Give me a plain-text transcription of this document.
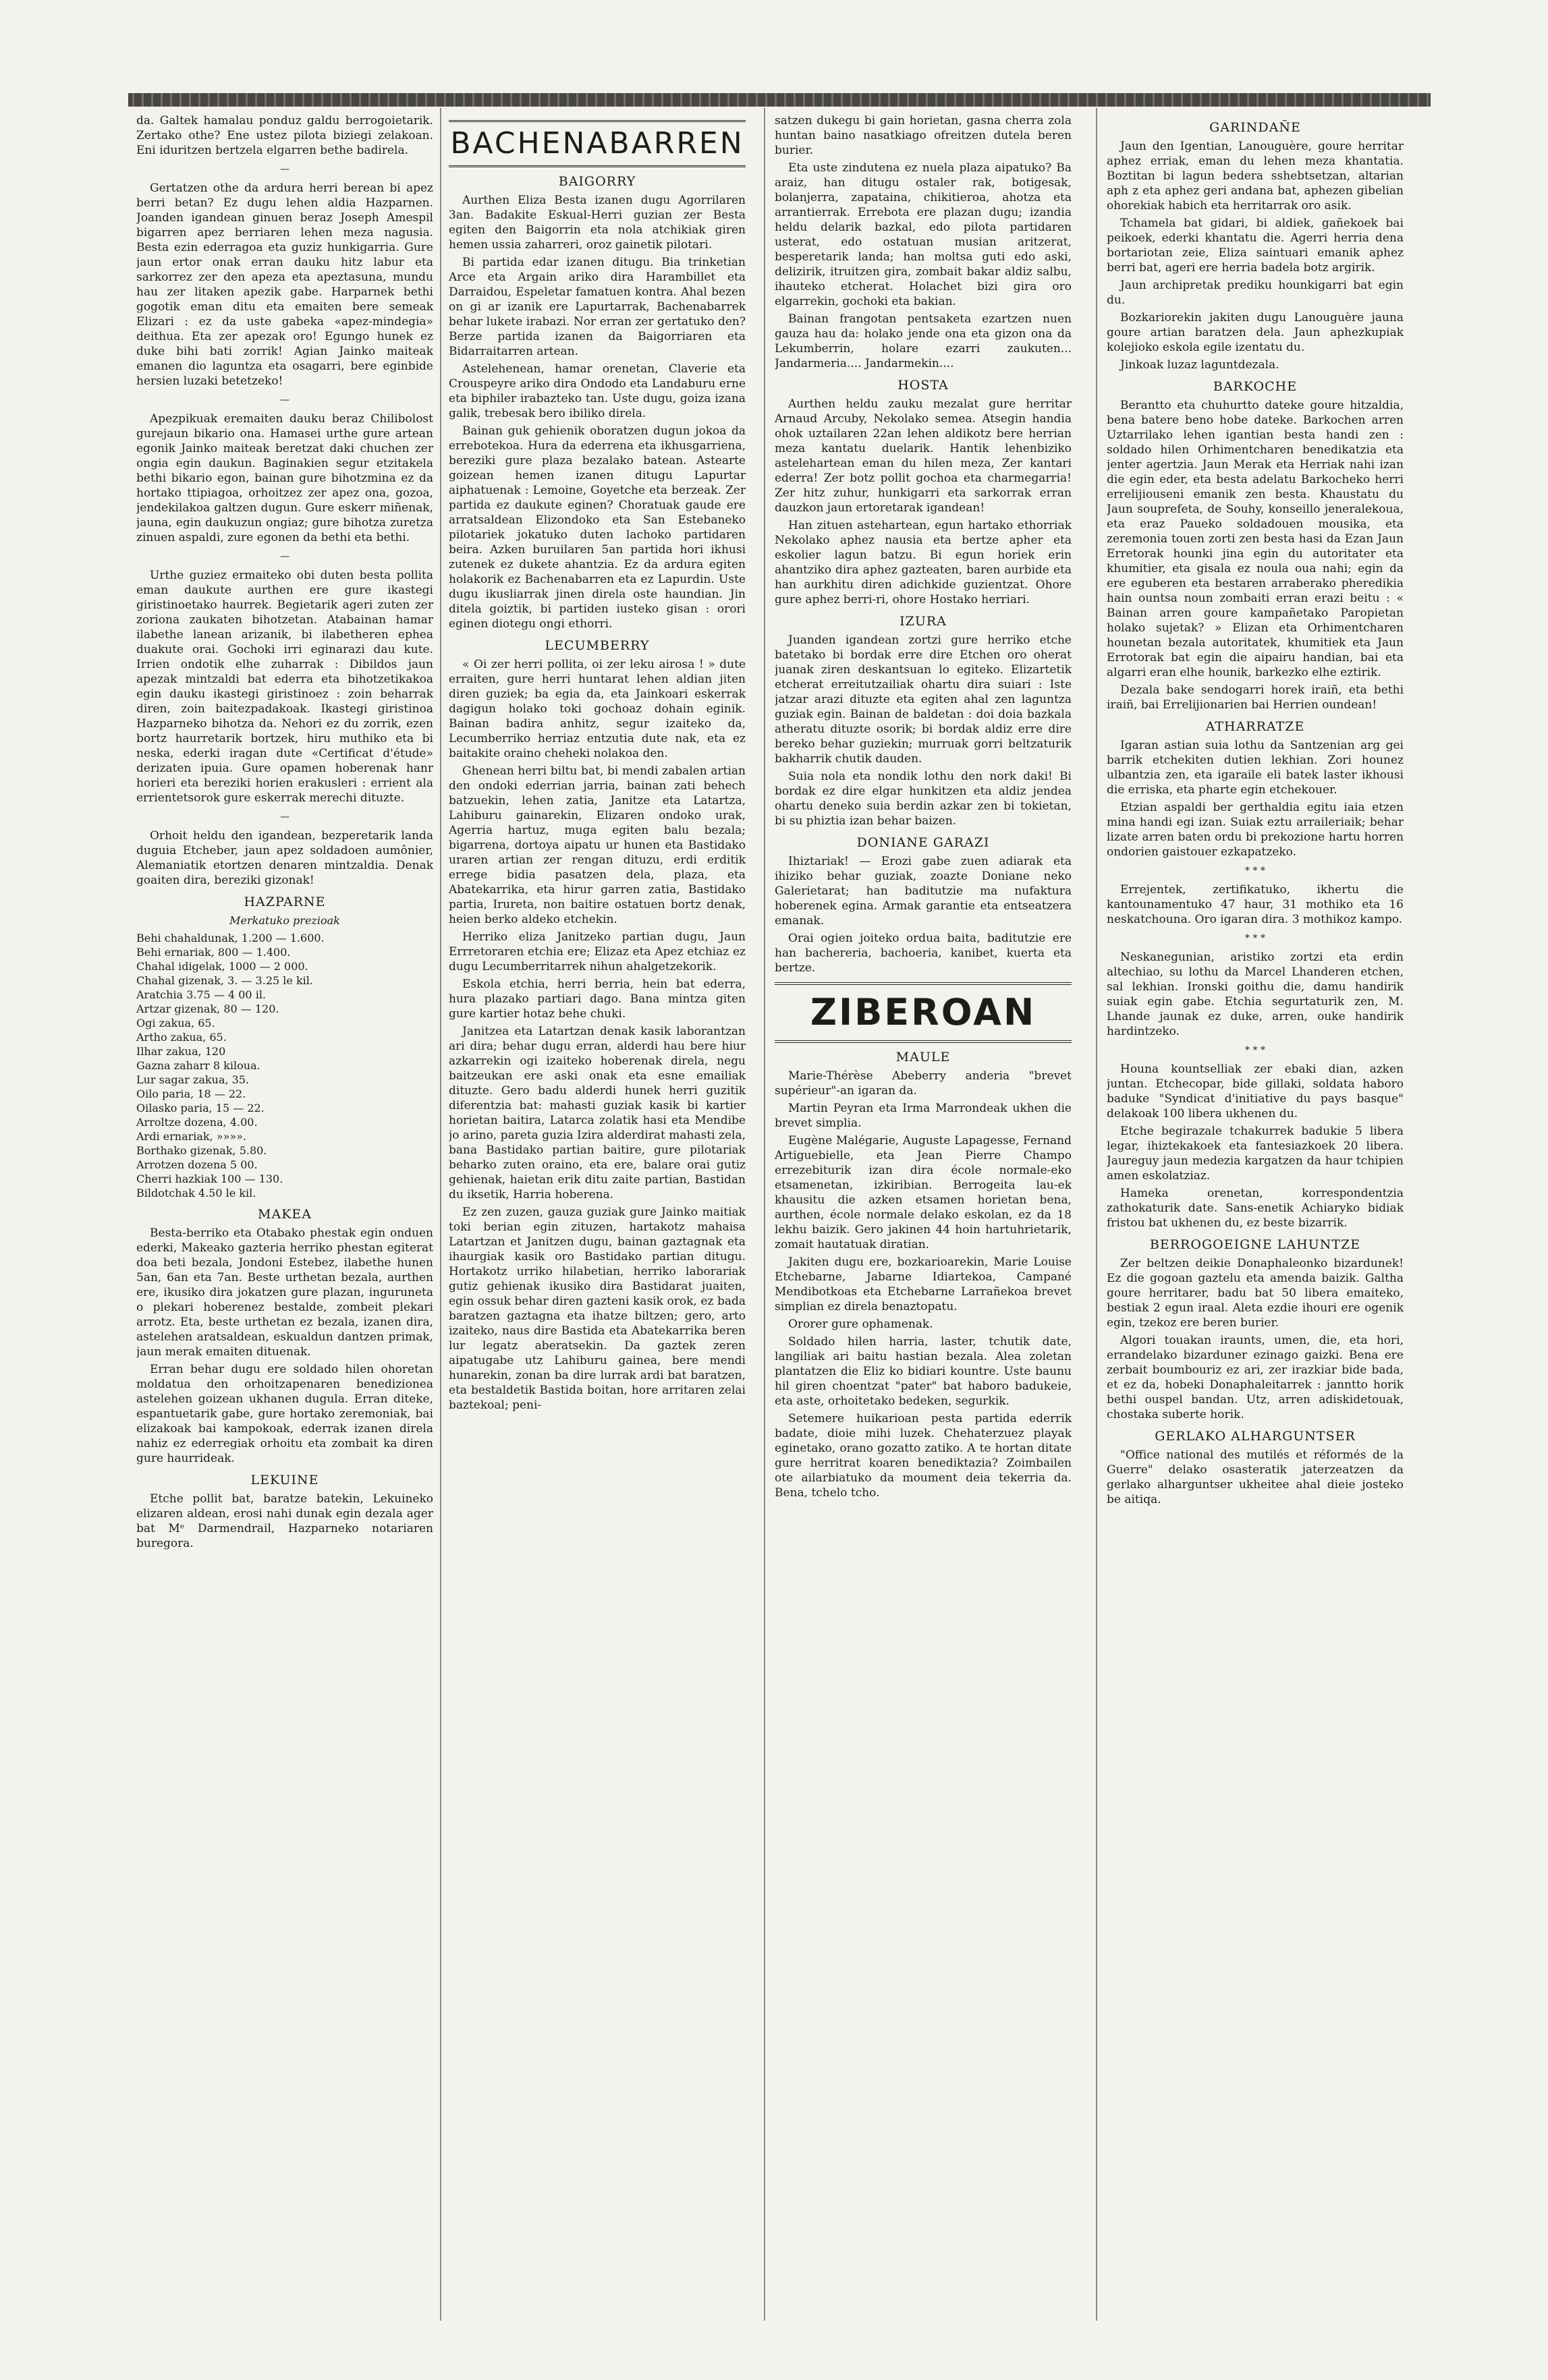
da. Galtek hamalau ponduz galdu berrogoietarik. Zertako othe? Ene ustez pilota biziegi zelakoan. Eni iduritzen bertzela elgarren bethe badirela.

—

Gertatzen othe da ardura herri berean bi apez berri betan? Ez dugu lehen aldia Hazparnen. Joanden igandean ginuen beraz Joseph Amespil bigarren apez berriaren lehen meza nagusia. Besta ezin ederragoa eta guziz hunkigarria. Gure jaun ertor onak erran dauku hitz labur eta sarkorrez zer den apeza eta apeztasuna, mundu hau zer litaken apezik gabe. Harparnek bethi gogotik eman ditu eta emaiten bere semeak Elizari : ez da uste gabeka «apez-mindegia» deithua. Eta zer apezak oro! Egungo hunek ez duke bihi bati zorrik! Agian Jainko maiteak emanen dio laguntza eta osagarri, bere eginbide hersien luzaki betetzeko!

—

Apezpikuak eremaiten dauku beraz Chilibolost gurejaun bikario ona. Hamasei urthe gure artean egonik Jainko maiteak beretzat daki chuchen zer ongia egin daukun. Baginakien segur etzitakela bethi bikario egon, bainan gure bihotzmina ez da hortako ttipiagoa, orhoitzez zer apez ona, gozoa, jendekilakoa galtzen dugun. Gure eskerr miñenak, jauna, egin daukuzun ongiaz; gure bihotza zuretza zinuen aspaldi, zure egonen da bethi eta bethi.

—

Urthe guziez ermaiteko obi duten besta pollita eman daukute aurthen ere gure ikastegi giristinoetako haurrek. Begietarik ageri zuten zer zoriona zaukaten bihotzetan. Atabainan hamar ilabethe lanean arizanik, bi ilabetheren ephea duakute orai. Gochoki irri eginarazi dau kute. Irrien ondotik elhe zuharrak : Dibildos jaun apezak mintzaldi bat ederra eta bihotzetikakoa egin dauku ikastegi giristinoez : zoin beharrak diren, zoin baitezpadakoak. Ikastegi giristinoa Hazparneko bihotza da. Nehori ez du zorrik, ezen bortz haurretarik bortzek, hiru muthiko eta bi neska, ederki iragan dute «Certificat d'étude» derizaten ipuia. Gure opamen hoberenak hanr horieri eta bereziki horien erakusleri : errient ala errientetsorok gure eskerrak merechi dituzte.

—

Orhoit heldu den igandean, bezperetarik landa duguia Etcheber, jaun apez soldadoen aumônier, Alemaniatik etortzen denaren mintzaldia. Denak goaiten dira, bereziki gizonak!

HAZPARNE
Merkatuko prezioak
Behi chahaldunak, 1.200 — 1.600.
Behi ernariak, 800 — 1.400.
Chahal idigelak, 1000 — 2 000.
Chahal gizenak, 3. — 3.25 le kil.
Aratchia 3.75 — 4 00 il.
Artzar gizenak, 80 — 120.
Ogi zakua, 65.
Artho zakua, 65.
Ilhar zakua, 120
Gazna zaharr 8 kiloua.
Lur sagar zakua, 35.
Oilo paria, 18 — 22.
Oilasko paria, 15 — 22.
Arroltze dozena, 4.00.
Ardi ernariak, »»»».
Borthako gizenak, 5.80.
Arrotzen dozena 5 00.
Cherri hazkiak 100 — 130.
Bildotchak 4.50 le kil.
MAKEA

Besta-berriko eta Otabako phestak egin onduen ederki, Makeako gazteria herriko phestan egiterat doa beti bezala, Jondoni Estebez, ilabethe hunen 5an, 6an eta 7an. Beste urthetan bezala, aurthen ere, ikusiko dira jokatzen gure plazan, inguruneta o plekari hoberenez bestalde, zombeit plekari arrotz. Eta, beste urthetan ez bezala, izanen dira, astelehen aratsaldean, eskualdun dantzen primak, jaun merak emaiten dituenak.

Erran behar dugu ere soldado hilen ohoretan moldatua den orhoitzapenaren benedizionea astelehen goizean ukhanen dugula. Erran diteke, espantuetarik gabe, gure hortako zeremoniak, bai elizakoak bai kampokoak, ederrak izanen direla nahiz ez ederregiak orhoitu eta zombait ka diren gure haurrideak.

LEKUINE

Etche pollit bat, baratze batekin, Lekuineko elizaren aldean, erosi nahi dunak egin dezala ager bat Mᵉ Darmendrail, Hazparneko notariaren buregora.

BACHENABARREN
BAIGORRY

Aurthen Eliza Besta izanen dugu Agorrilaren 3an. Badakite Eskual-Herri guzian zer Besta egiten den Baigorrin eta nola atchikiak giren hemen ussia zaharreri, oroz gainetik pilotari.

Bi partida edar izanen ditugu. Bia trinketian Arce eta Argain ariko dira Harambillet eta Darraidou, Espeletar famatuen kontra. Ahal bezen on gi ar izanik ere Lapurtarrak, Bachenabarrek behar lukete irabazi. Nor erran zer gertatuko den? Berze partida izanen da Baigorriaren eta Bidarraitarren artean.

Astelehenean, hamar orenetan, Claverie eta Crouspeyre ariko dira Ondodo eta Landaburu erne eta biphiler irabazteko tan. Uste dugu, goiza izana galik, trebesak bero ibiliko direla.

Bainan guk gehienik oboratzen dugun jokoa da errebotekoa. Hura da ederrena eta ikhusgarriena, bereziki gure plaza bezalako batean. Astearte goizean hemen izanen ditugu Lapurtar aiphatuenak : Lemoine, Goyetche eta berzeak. Zer partida ez daukute eginen? Choratuak gaude ere arratsaldean Elizondoko eta San Estebaneko pilotariek jokatuko duten lachoko partidaren beira. Azken buruilaren 5an partida hori ikhusi zutenek ez dukete ahantzia. Ez da ardura egiten holakorik ez Bachenabarren eta ez Lapurdin. Uste dugu ikusliarrak jinen direla oste haundian. Jin ditela goiztik, bi partiden iusteko gisan : orori eginen diotegu ongi ethorri.

LECUMBERRY

« Oi zer herri pollita, oi zer leku airosa ! » dute erraiten, gure herri huntarat lehen aldian jiten diren guziek; ba egia da, eta Jainkoari eskerrak dagigun holako toki gochoaz dohain eginik. Bainan badira anhitz, segur izaiteko da, Lecumberriko herriaz entzutia dute nak, eta ez baitakite oraino cheheki nolakoa den.

Ghenean herri biltu bat, bi mendi zabalen artian den ondoki ederrian jarria, bainan zati behech batzuekin, lehen zatia, Janitze eta Latartza, Lahiburu gainarekin, Elizaren ondoko urak, Agerria hartuz, muga egiten balu bezala; bigarrena, dortoya aipatu ur hunen eta Bastidako uraren artian zer rengan dituzu, erdi erditik errege bidia pasatzen dela, plaza, eta Abatekarrika, eta hirur garren zatia, Bastidako partia, Irureta, non baitire ostatuen bortz denak, heien berko aldeko etchekin.

Herriko eliza Janitzeko partian dugu, Jaun Errretoraren etchia ere; Elizaz eta Apez etchiaz ez dugu Lecumberritarrek nihun ahalgetzekorik.

Eskola etchia, herri berria, hein bat ederra, hura plazako partiari dago. Bana mintza giten gure kartier hotaz behe chuki.

Janitzea eta Latartzan denak kasik laborantzan ari dira; behar dugu erran, alderdi hau bere hiur azkarrekin ogi izaiteko hoberenak direla, negu baitzeukan ere aski onak eta esne emailiak dituzte. Gero badu alderdi hunek herri guzitik diferentzia bat: mahasti guziak kasik bi kartier horietan baitira, Latarca zolatik hasi eta Mendibe jo arino, pareta guzia Izira alderdirat mahasti zela, bana Bastidako partian baitire, gure pilotariak beharko zuten oraino, eta ere, balare orai gutiz gehienak, haietan erik ditu zaite partian, Bastidan du iksetik, Harria hoberena.

Ez zen zuzen, gauza guziak gure Jainko maitiak toki berian egin zituzen, hartakotz mahaisa Latartzan et Janitzen dugu, bainan gaztagnak eta ihaurgiak kasik oro Bastidako partian ditugu. Hortakotz urriko hilabetian, herriko laborariak gutiz gehienak ikusiko dira Bastidarat juaiten, egin ossuk behar diren gazteni kasik orok, ez bada baratzen gaztagna eta ihatze biltzen; gero, arto izaiteko, naus dire Bastida eta Abatekarrika beren lur legatz aberatsekin. Da gaztek zeren aipatugabe utz Lahiburu gainea, bere mendi hunarekin, zonan ba dire lurrak ardi bat baratzen, eta bestaldetik Bastida boitan, hore arritaren zelai baztekoal; peni-

satzen dukegu bi gain horietan, gasna cherra zola huntan baino nasatkiago ofreitzen dutela beren burier.

Eta uste zindutena ez nuela plaza aipatuko? Ba araiz, han ditugu ostaler rak, botigesak, bolanjerra, zapataina, chikitieroa, ahotza eta arrantierrak. Errebota ere plazan dugu; izandia heldu delarik bazkal, edo pilota partidaren usterat, edo ostatuan musian aritzerat, besperetarik landa; han moltsa guti edo aski, delizirik, itruitzen gira, zombait bakar aldiz salbu, ihauteko etcherat. Holachet bizi gira oro elgarrekin, gochoki eta bakian.

Bainan frangotan pentsaketa ezartzen nuen gauza hau da: holako jende ona eta gizon ona da Lekumberrin, holare ezarri zaukuten... Jandarmeria.... Jandarmekin....

HOSTA

Aurthen heldu zauku mezalat gure herritar Arnaud Arcuby, Nekolako semea. Atsegin handia ohok uztailaren 22an lehen aldikotz bere herrian meza kantatu duelarik. Hantik lehenbiziko astelehartean eman du hilen meza, Zer kantari ederra! Zer botz pollit gochoa eta charmegarria! Zer hitz zuhur, hunkigarri eta sarkorrak erran dauzkon jaun ertoretarak igandean!

Han zituen astehartean, egun hartako ethorriak Nekolako aphez nausia eta bertze apher eta eskolier lagun batzu. Bi egun horiek erin ahantziko dira aphez gazteaten, baren aurbide eta han aurkhitu diren adichkide guzientzat. Ohore gure aphez berri-ri, ohore Hostako herriari.

IZURA

Juanden igandean zortzi gure herriko etche batetako bi bordak erre dire Etchen oro oherat juanak ziren deskantsuan lo egiteko. Elizartetik etcherat erreitutzailiak ohartu dira suiari : Iste jatzar arazi dituzte eta egiten ahal zen laguntza guziak egin. Bainan de baldetan : doi doia bazkala atheratu dituzte osorik; bi bordak aldiz erre dire bereko behar guziekin; murruak gorri beltzaturik bakharrik chutik dauden.

Suia nola eta nondik lothu den nork daki! Bi bordak ez dire elgar hunkitzen eta aldiz jendea ohartu deneko suia berdin azkar zen bi tokietan, bi su phiztia izan behar baizen.

DONIANE GARAZI

Ihiztariak! — Erozi gabe zuen adiarak eta ihiziko behar guziak, zoazte Doniane neko Galerietarat; han baditutzie ma nufaktura hoberenek egina. Armak garantie eta entseatzera emanak.

Orai ogien joiteko ordua baita, baditutzie ere han bachereria, bachoeria, kanibet, kuerta eta bertze.

ZIBEROAN
MAULE

Marie-Thérèse Abeberry anderia "brevet supérieur"-an igaran da.

Martin Peyran eta Irma Marrondeak ukhen die brevet simplia.

Eugène Malégarie, Auguste Lapagesse, Fernand Artiguebielle, eta Jean Pierre Champo errezebiturik izan dira école normale-eko etsamenetan, izkiribian. Berrogeita lau-ek khausitu die azken etsamen horietan bena, aurthen, école normale delako eskolan, ez da 18 lekhu baizik. Gero jakinen 44 hoin hartuhrietarik, zomait hautatuak diratian.

Jakiten dugu ere, bozkarioarekin, Marie Louise Etchebarne, Jabarne Idiartekoa, Campané Mendibotkoas eta Etchebarne Larrañekoa brevet simplian ez direla benaztopatu.

Ororer gure ophamenak.

Soldado hilen harria, laster, tchutik date, langiliak ari baitu hastian bezala. Alea zoletan plantatzen die Eliz ko bidiari kountre. Uste baunu hil giren choentzat "pater" bat haboro badukeie, eta aste, orhoitetako bedeken, segurkik.

Setemere huikarioan pesta partida ederrik badate, dioie mihi luzek. Chehaterzuez playak eginetako, orano gozatto zatiko. A te hortan ditate gure herritrat koaren benediktazia? Zoimbailen ote ailarbiatuko da moument deia tekerria da. Bena, tchelo tcho.

GARINDAÑE

Jaun den Igentian, Lanouguère, goure herritar aphez erriak, eman du lehen meza khantatia. Boztitan bi lagun bedera sshebtsetzan, altarian aph z eta aphez geri andana bat, aphezen gibelian ohorekiak habich eta herritarrak oro asik.

Tchamela bat gidari, bi aldiek, gañekoek bai peikoek, ederki khantatu die. Agerri herria dena bortariotan zeie, Eliza saintuari emanik aphez berri bat, ageri ere herria badela botz argirik.

Jaun archipretak prediku hounkigarri bat egin du.

Bozkariorekin jakiten dugu Lanouguère jauna goure artian baratzen dela. Jaun aphezkupiak kolejioko eskola egile izentatu du.

Jinkoak luzaz laguntdezala.

BARKOCHE

Berantto eta chuhurtto dateke goure hitzaldia, bena batere beno hobe dateke. Barkochen arren Uztarrilako lehen igantian besta handi zen : soldado hilen Orhimentcharen benedikatzia eta jenter agertzia. Jaun Merak eta Herriak nahi izan die egin eder, eta besta adelatu Barkocheko herri errelijiouseni emanik zen besta. Khaustatu du Jaun souprefeta, de Souhy, konseillo jeneralekoua, eta eraz Paueko soldadouen mousika, eta zeremonia touen zorti zen besta hasi da Ezan Jaun Erretorak hounki jina egin du autoritater eta khumitier, eta gisala ez noula oua nahi; egin da ere eguberen eta bestaren arraberako pheredikia hain ountsa noun zombaiti erran erazi beitu : « Bainan arren goure kampañetako Paropietan holako sujetak? » Elizan eta Orhimentcharen hounetan bezala autoritatek, khumitiek eta Jaun Errotorak bat egin die aipairu handian, bai eta algarri eran elhe hounik, barkezko elhe eztirik.

Dezala bake sendogarri horek iraiñ, eta bethi iraiñ, bai Errelijionarien bai Herrien oundean!

ATHARRATZE

Igaran astian suia lothu da Santzenian arg gei barrik etchekiten dutien lekhian. Zori hounez ulbantzia zen, eta igaraile eli batek laster ikhousi die erriska, eta pharte egin etchekouer.

Etzian aspaldi ber gerthaldia egitu iaia etzen mina handi egi izan. Suiak eztu arraileriaik; behar lizate arren baten ordu bi prekozione hartu horren ondorien gaistouer ezkapatzeko.

* * *

Errejentek, zertifikatuko, ikhertu die kantounamentuko 47 haur, 31 mothiko eta 16 neskatchouna. Oro igaran dira. 3 mothikoz kampo.

* * *

Neskanegunian, aristiko zortzi eta erdin altechiao, su lothu da Marcel Lhanderen etchen, sal lekhian. Ironski goithu die, damu handirik suiak egin gabe. Etchia segurtaturik zen, M. Lhande jaunak ez duke, arren, ouke handirik hardintzeko.

* * *

Houna kountselliak zer ebaki dian, azken juntan. Etchecopar, bide gillaki, soldata haboro baduke "Syndicat d'initiative du pays basque" delakoak 100 libera ukhenen du.

Etche begirazale tchakurrek badukie 5 libera legar, ihiztekakoek eta fantesiazkoek 20 libera. Jaureguy jaun medezia kargatzen da haur tchipien amen eskolatziaz.

Hameka orenetan, korrespondentzia zathokaturik date. Sans-enetik Achiaryko bidiak fristou bat ukhenen du, ez beste bizarrik.

BERROGOEIGNE LAHUNTZE

Zer beltzen deikie Donaphaleonko bizardunek! Ez die gogoan gaztelu eta amenda baizik. Galtha goure herritarer, badu bat 50 libera emaiteko, bestiak 2 egun iraal. Aleta ezdie ihouri ere ogenik egin, tzekoz ere beren burier.

Algori touakan iraunts, umen, die, eta hori, errandelako bizarduner ezinago gaizki. Bena ere zerbait boumbouriz ez ari, zer irazkiar bide bada, et ez da, hobeki Donaphaleitarrek : janntto horik bethi ouspel bandan. Utz, arren adiskidetouak, chostaka suberte horik.

GERLAKO ALHARGUNTSER

"Office national des mutilés et réformés de la Guerre" delako osasteratik jaterzeatzen da gerlako alharguntser ukheitee ahal dieie josteko be aitiqa.
